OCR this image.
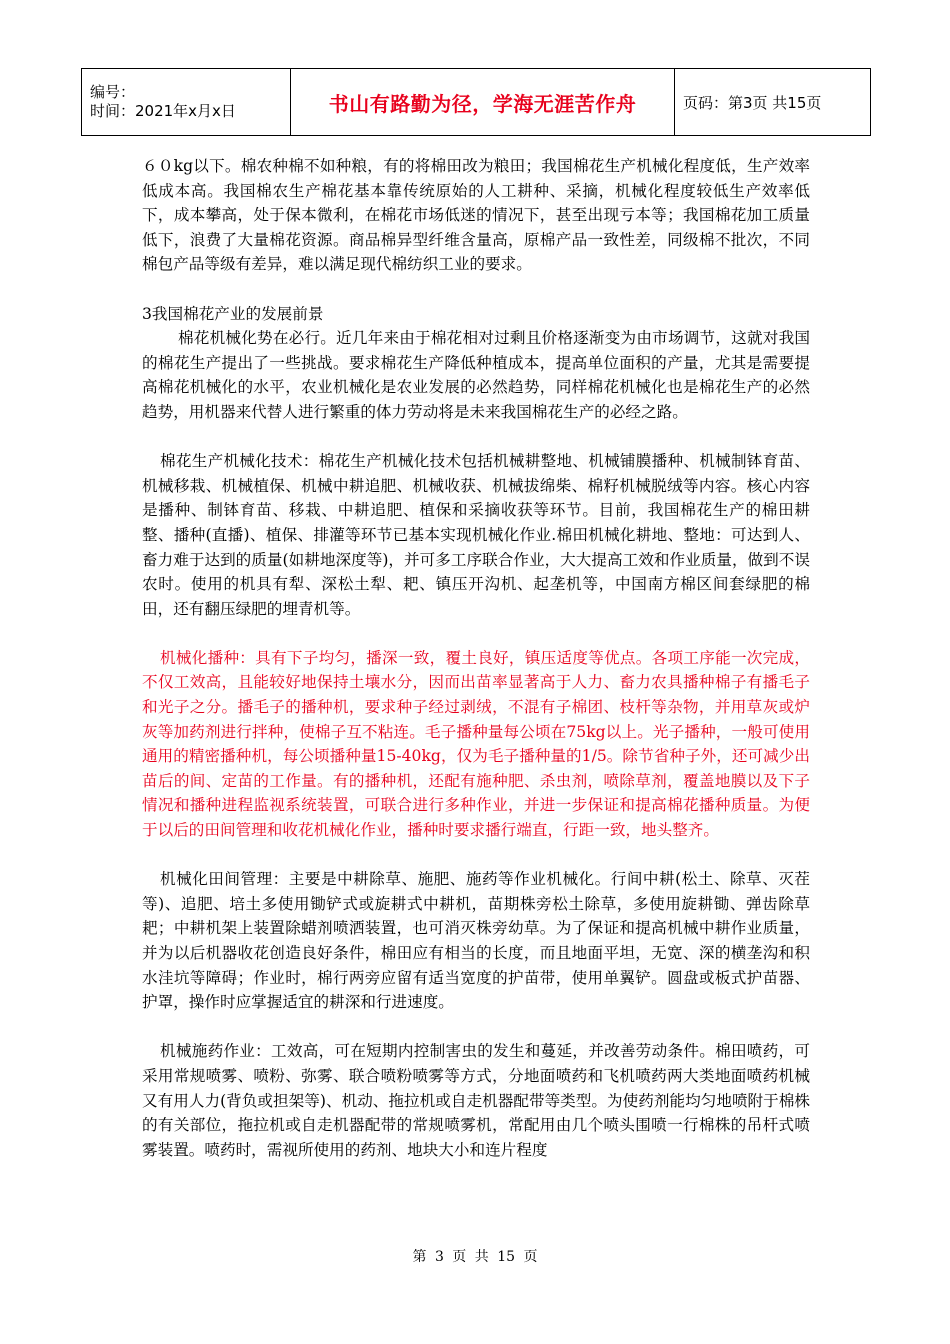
编号：
时间：2021年x月x日	书山有路勤为径，学海无涯苦作舟	页码：第3页 共15页

６０kg以下。棉农种棉不如种粮，有的将棉田改为粮田；我国棉花生产机械化程度低，生产效率低成本高。我国棉农生产棉花基本靠传统原始的人工耕种、采摘，机械化程度较低生产效率低下，成本攀高，处于保本微利，在棉花市场低迷的情况下，甚至出现亏本等；我国棉花加工质量低下，浪费了大量棉花资源。商品棉异型纤维含量高，原棉产品一致性差，同级棉不批次，不同棉包产品等级有差异，难以满足现代棉纺织工业的要求。

3我国棉花产业的发展前景

棉花机械化势在必行。近几年来由于棉花相对过剩且价格逐渐变为由市场调节，这就对我国的棉花生产提出了一些挑战。要求棉花生产降低种植成本，提高单位面积的产量，尤其是需要提高棉花机械化的水平，农业机械化是农业发展的必然趋势，同样棉花机械化也是棉花生产的必然趋势，用机器来代替人进行繁重的体力劳动将是未来我国棉花生产的必经之路。

棉花生产机械化技术：棉花生产机械化技术包括机械耕整地、机械铺膜播种、机械制钵育苗、机械移栽、机械植保、机械中耕追肥、机械收获、机械拔绵柴、棉籽机械脱绒等内容。核心内容是播种、制钵育苗、移栽、中耕追肥、植保和采摘收获等环节。目前，我国棉花生产的棉田耕整、播种(直播)、植保、排灌等环节已基本实现机械化作业.棉田机械化耕地、整地：可达到人、畜力难于达到的质量(如耕地深度等)，并可多工序联合作业，大大提高工效和作业质量，做到不误农时。使用的机具有犁、深松土犁、耙、镇压开沟机、起垄机等，中国南方棉区间套绿肥的棉田，还有翻压绿肥的埋青机等。

机械化播种：具有下子均匀，播深一致，覆土良好，镇压适度等优点。各项工序能一次完成，不仅工效高，且能较好地保持土壤水分，因而出苗率显著高于人力、畜力农具播种棉子有播毛子和光子之分。播毛子的播种机，要求种子经过剥绒，不混有子棉团、枝杆等杂物，并用草灰或炉灰等加药剂进行拌种，使棉子互不粘连。毛子播种量每公顷在75kg以上。光子播种，一般可使用通用的精密播种机，每公顷播种量15-40kg，仅为毛子播种量的1/5。除节省种子外，还可减少出苗后的间、定苗的工作量。有的播种机，还配有施种肥、杀虫剂，喷除草剂，覆盖地膜以及下子情况和播种进程监视系统装置，可联合进行多种作业，并进一步保证和提高棉花播种质量。为便于以后的田间管理和收花机械化作业，播种时要求播行端直，行距一致，地头整齐。

机械化田间管理：主要是中耕除草、施肥、施药等作业机械化。行间中耕(松土、除草、灭茬等)、追肥、培土多使用锄铲式或旋耕式中耕机，苗期株旁松土除草，多使用旋耕锄、弹齿除草耙；中耕机架上装置除蜡剂喷洒装置，也可消灭株旁幼草。为了保证和提高机械中耕作业质量，并为以后机器收花创造良好条件，棉田应有相当的长度，而且地面平坦，无宽、深的横垄沟和积水洼坑等障碍；作业时，棉行两旁应留有适当宽度的护苗带，使用单翼铲。圆盘或板式护苗器、护罩，操作时应掌握适宜的耕深和行进速度。

机械施药作业：工效高，可在短期内控制害虫的发生和蔓延，并改善劳动条件。棉田喷药，可采用常规喷雾、喷粉、弥雾、联合喷粉喷雾等方式，分地面喷药和飞机喷药两大类地面喷药机械又有用人力(背负或担架等)、机动、拖拉机或自走机器配带等类型。为使药剂能均匀地喷附于棉株的有关部位，拖拉机或自走机器配带的常规喷雾机，常配用由几个喷头围喷一行棉株的吊杆式喷雾装置。喷药时，需视所使用的药剂、地块大小和连片程度

第 3 页 共 15 页
